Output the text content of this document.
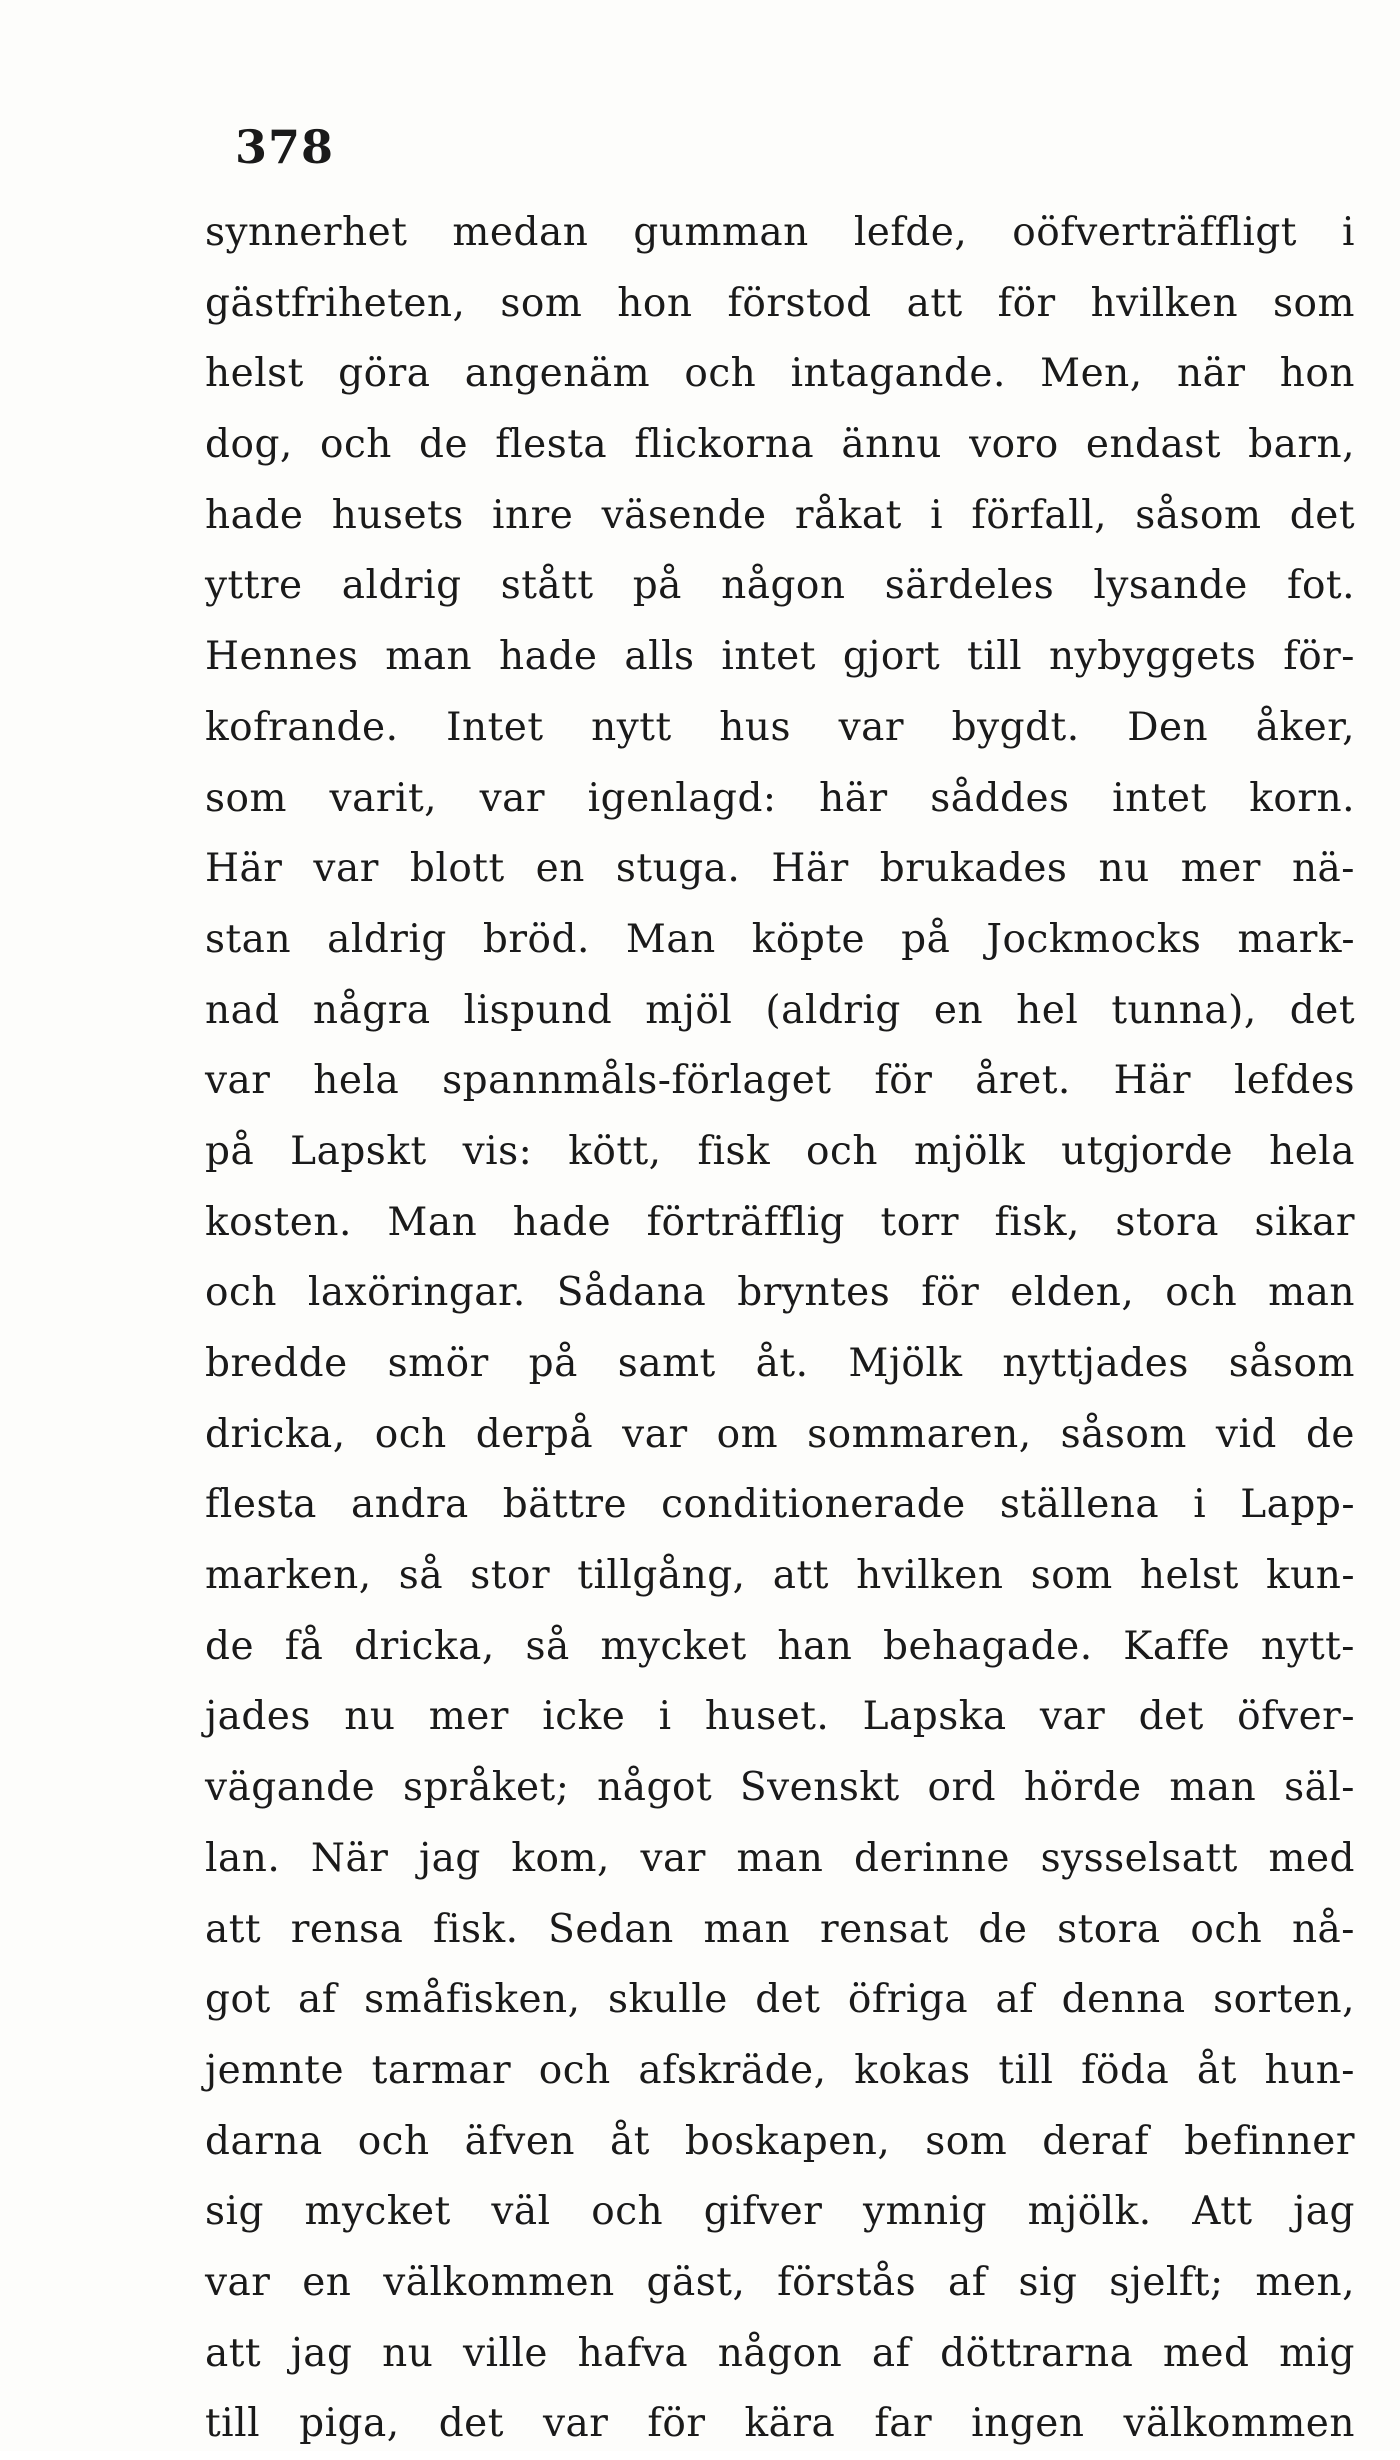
378
synnerhet medan gumman lefde, oöfverträffligt i
gästfriheten, som hon förstod att för hvilken som
helst göra angenäm och intagande. Men, när hon
dog, och de flesta flickorna ännu voro endast barn,
hade husets inre väsende råkat i förfall, såsom det
yttre aldrig stått på någon särdeles lysande fot.
Hennes man hade alls intet gjort till nybyggets för-
kofrande. Intet nytt hus var bygdt. Den åker,
som varit, var igenlagd: här såddes intet korn.
Här var blott en stuga. Här brukades nu mer nä-
stan aldrig bröd. Man köpte på Jockmocks mark-
nad några lispund mjöl (aldrig en hel tunna), det
var hela spannmåls-förlaget för året. Här lefdes
på Lapskt vis: kött, fisk och mjölk utgjorde hela
kosten. Man hade förträfflig torr fisk, stora sikar
och laxöringar. Sådana bryntes för elden, och man
bredde smör på samt åt. Mjölk nyttjades såsom
dricka, och derpå var om sommaren, såsom vid de
flesta andra bättre conditionerade ställena i Lapp-
marken, så stor tillgång, att hvilken som helst kun-
de få dricka, så mycket han behagade. Kaffe nytt-
jades nu mer icke i huset. Lapska var det öfver-
vägande språket; något Svenskt ord hörde man säl-
lan. När jag kom, var man derinne sysselsatt med
att rensa fisk. Sedan man rensat de stora och nå-
got af småfisken, skulle det öfriga af denna sorten,
jemnte tarmar och afskräde, kokas till föda åt hun-
darna och äfven åt boskapen, som deraf befinner
sig mycket väl och gifver ymnig mjölk. Att jag
var en välkommen gäst, förstås af sig sjelft; men,
att jag nu ville hafva någon af döttrarna med mig
till piga, det var för kära far ingen välkommen
